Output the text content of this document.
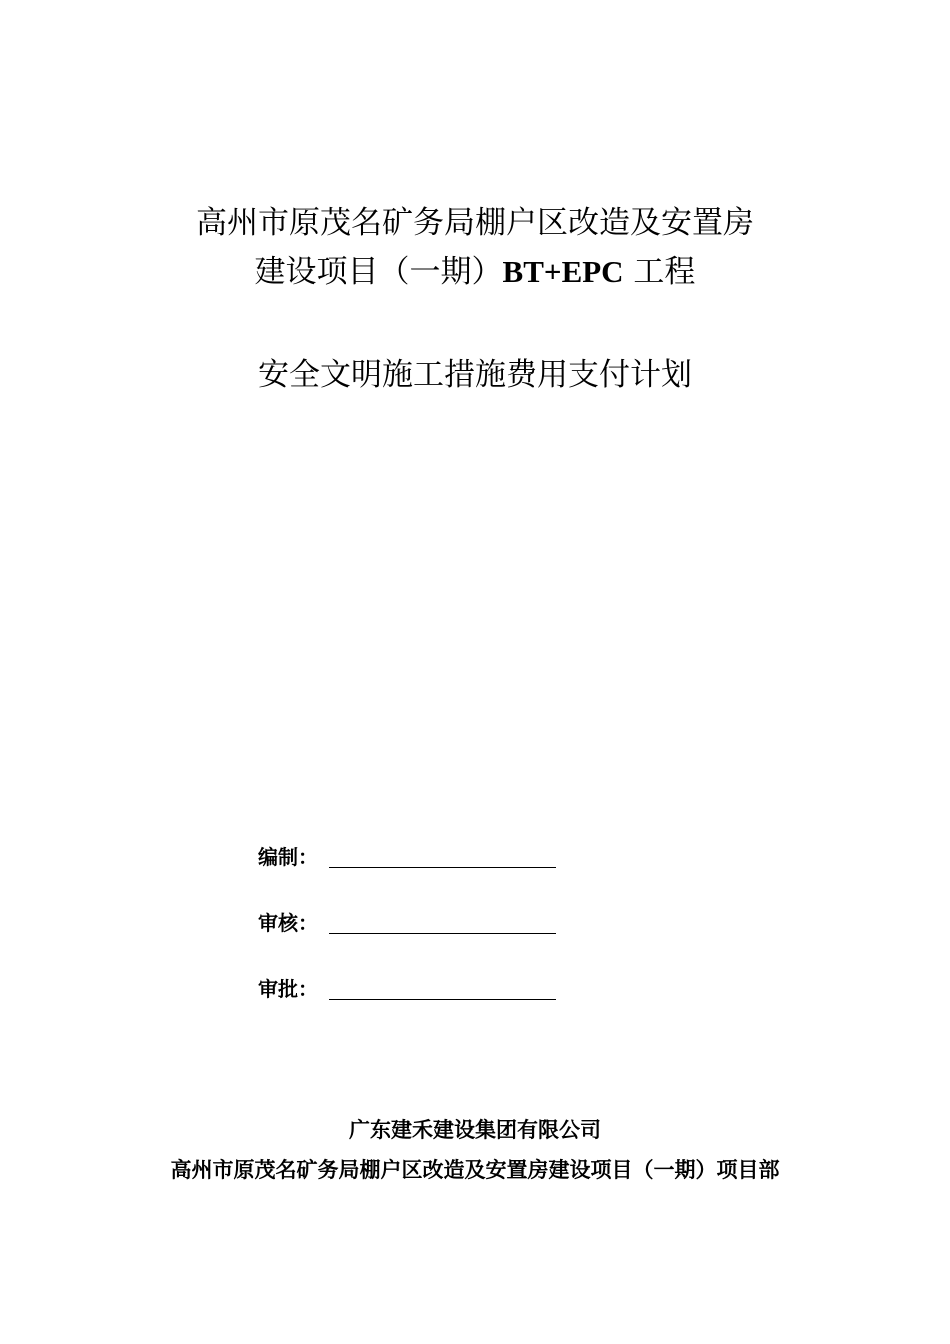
高州市原茂名矿务局棚户区改造及安置房
建设项目（一期）BT+EPC 工程
安全文明施工措施费用支付计划
编制：
审核：
审批：
广东建禾建设集团有限公司
高州市原茂名矿务局棚户区改造及安置房建设项目（一期）项目部
